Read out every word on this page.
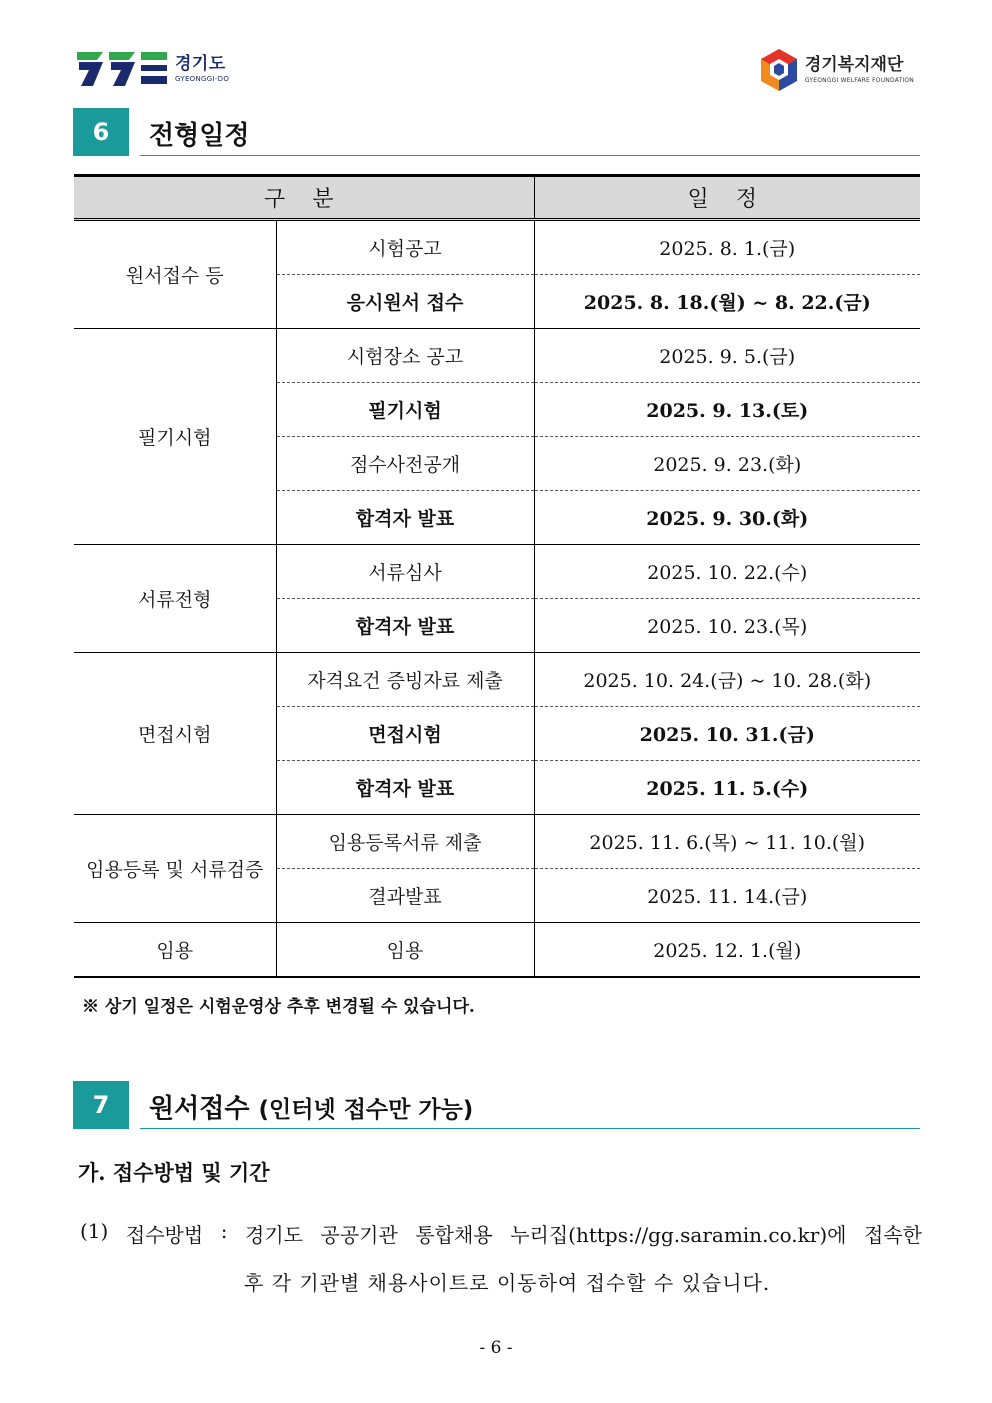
경기도
GYEONGGI-DO
경기복지재단
GYEONGGI WELFARE FOUNDATION
6	전형일정
구 분		일 정
원서접수 등	시험공고	2025. 8. 1.(금)
	응시원서 접수	2025. 8. 18.(월) ~ 8. 22.(금)
필기시험	시험장소 공고	2025. 9. 5.(금)
	필기시험	2025. 9. 13.(토)
	점수사전공개	2025. 9. 23.(화)
	합격자 발표	2025. 9. 30.(화)
서류전형	서류심사	2025. 10. 22.(수)
	합격자 발표	2025. 10. 23.(목)
면접시험	자격요건 증빙자료 제출	2025. 10. 24.(금) ~ 10. 28.(화)
	면접시험	2025. 10. 31.(금)
	합격자 발표	2025. 11. 5.(수)
임용등록 및 서류검증	임용등록서류 제출	2025. 11. 6.(목) ~ 11. 10.(월)
	결과발표	2025. 11. 14.(금)
임용	임용	2025. 12. 1.(월)
※ 상기 일정은 시험운영상 추후 변경될 수 있습니다.
7	원서접수 (인터넷 접수만 가능)
가. 접수방법 및 기간
(1) 접수방법 : 경기도 공공기관 통합채용 누리집(https://gg.saramin.co.kr)에 접속한
후 각 기관별 채용사이트로 이동하여 접수할 수 있습니다.
- 6 -
